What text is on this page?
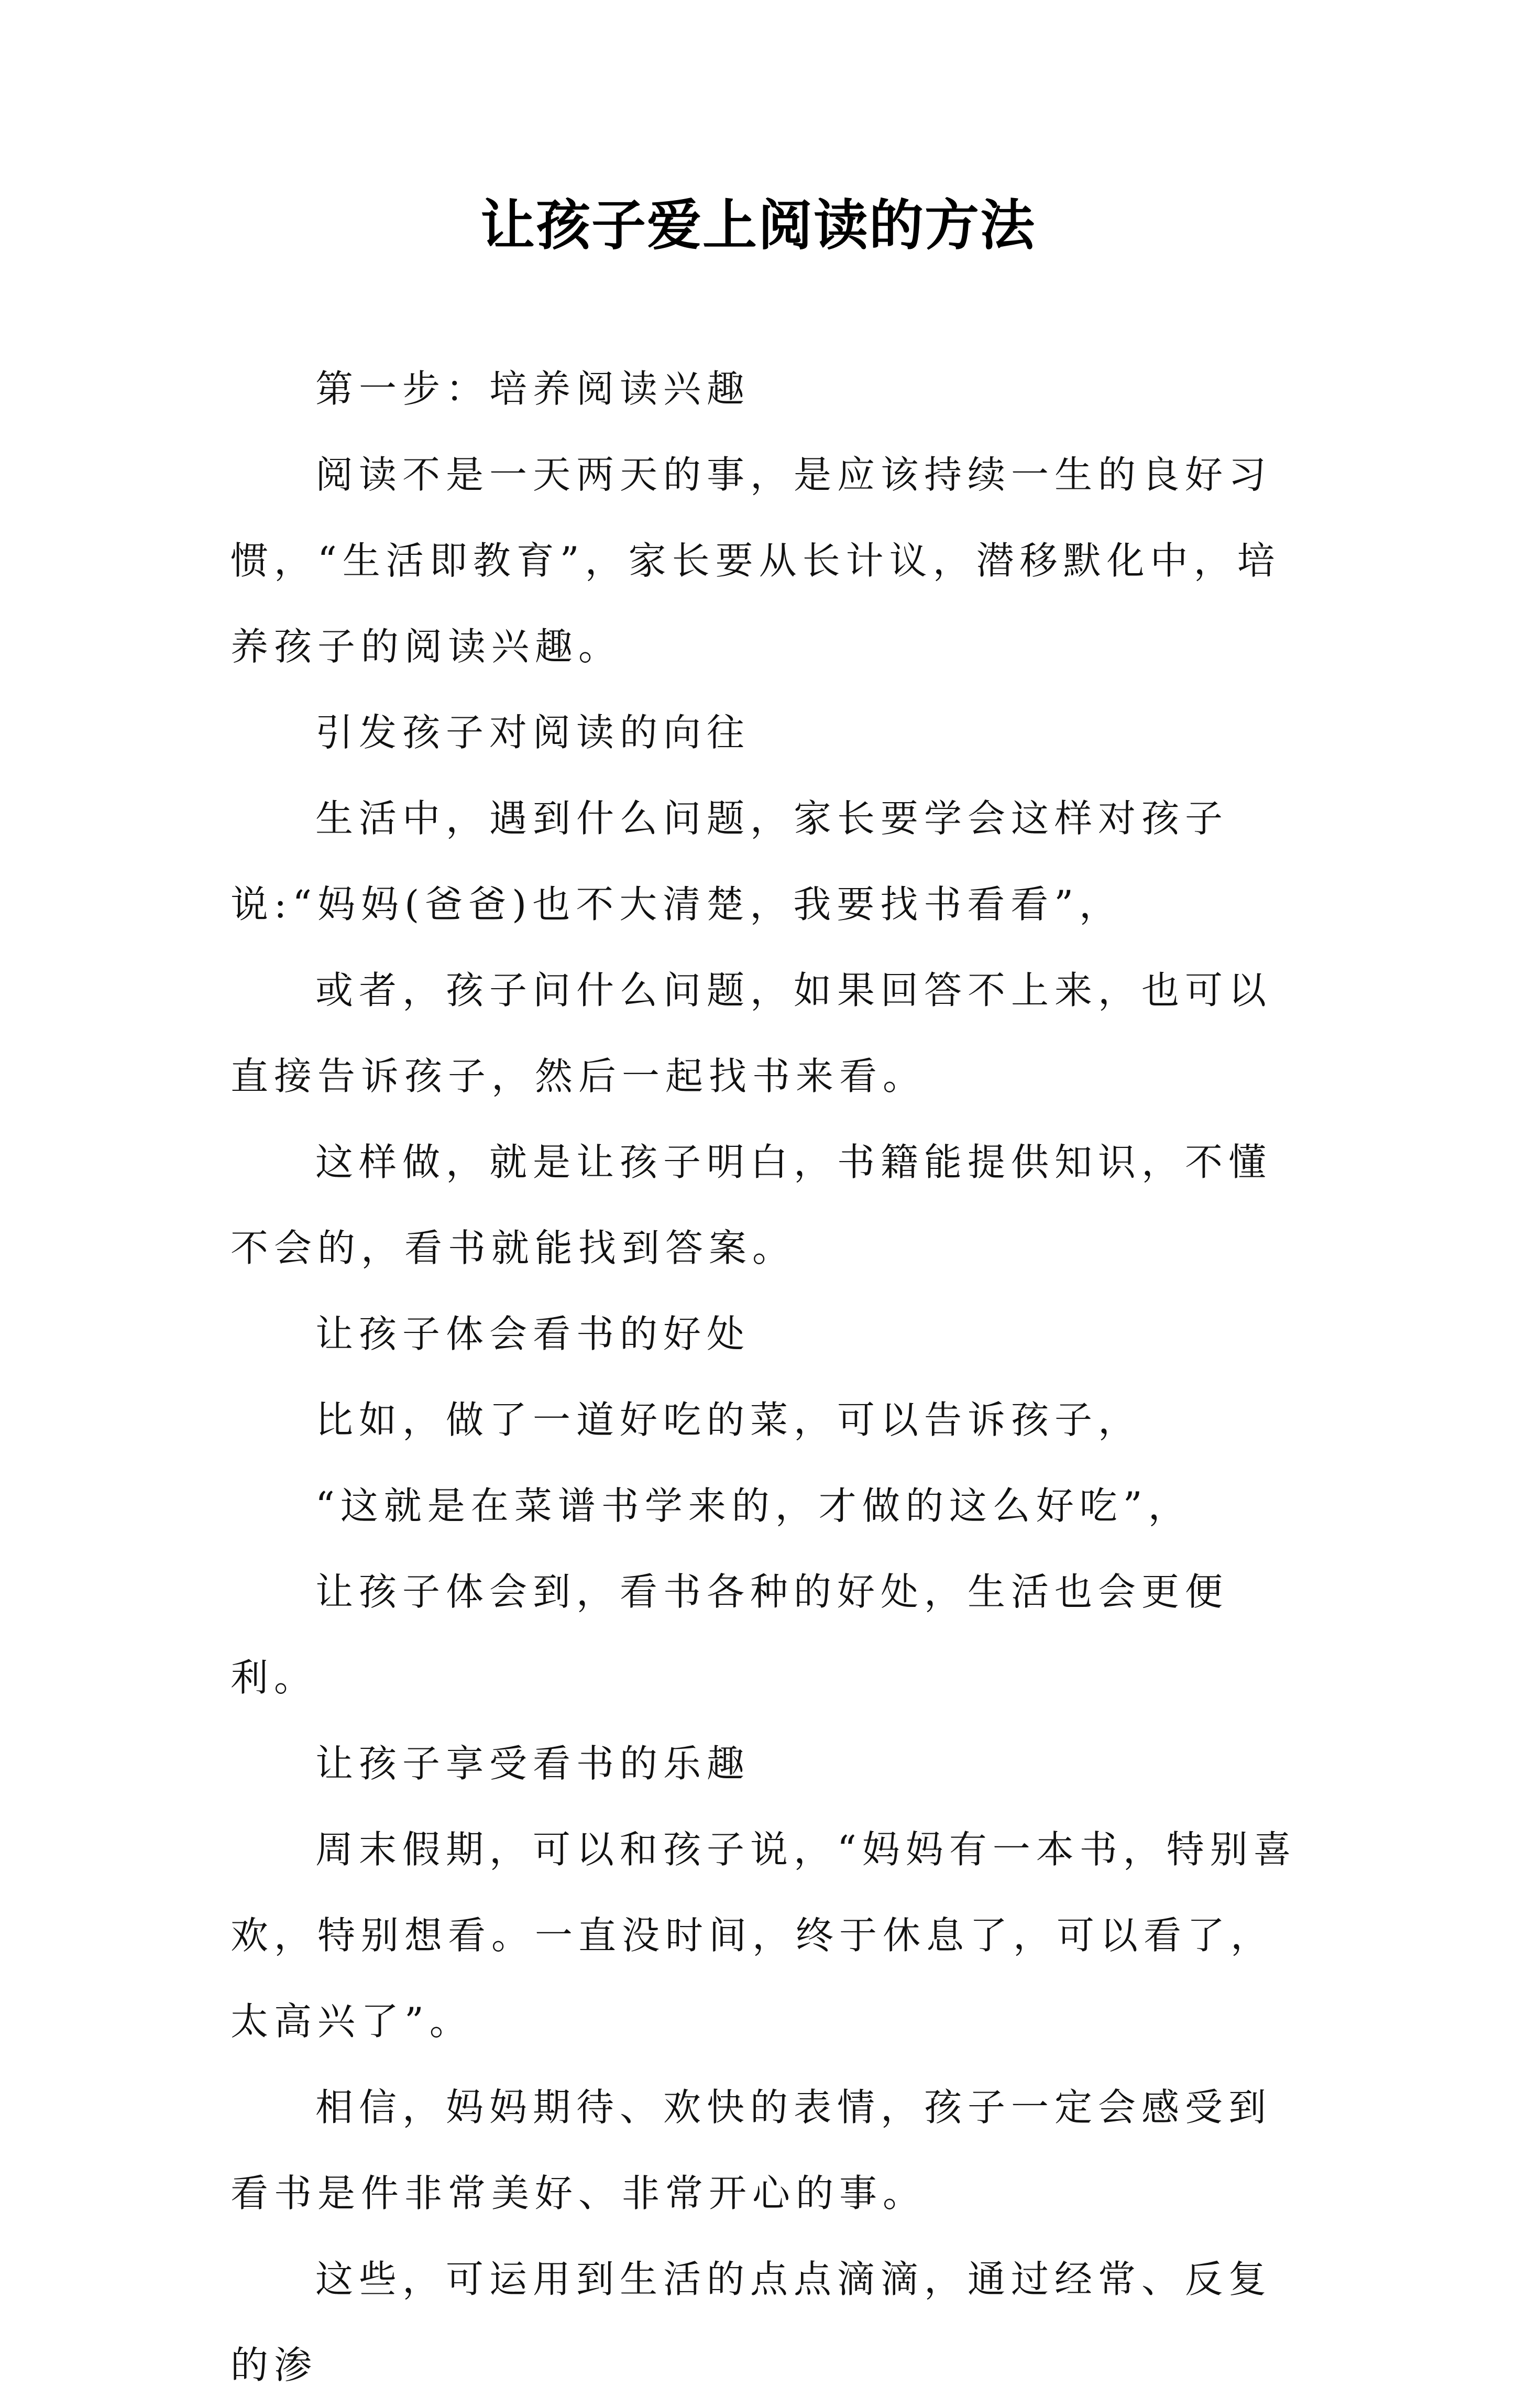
让孩子爱上阅读的方法

第一步：培养阅读兴趣

阅读不是一天两天的事，是应该持续一生的良好习惯，“生活即教育”，家长要从长计议，潜移默化中，培养孩子的阅读兴趣。

引发孩子对阅读的向往

生活中，遇到什么问题，家长要学会这样对孩子说:“妈妈(爸爸)也不大清楚，我要找书看看”，

或者，孩子问什么问题，如果回答不上来，也可以直接告诉孩子，然后一起找书来看。

这样做，就是让孩子明白，书籍能提供知识，不懂不会的，看书就能找到答案。

让孩子体会看书的好处

比如，做了一道好吃的菜，可以告诉孩子，

“这就是在菜谱书学来的，才做的这么好吃”，

让孩子体会到，看书各种的好处，生活也会更便利。

让孩子享受看书的乐趣

周末假期，可以和孩子说，“妈妈有一本书，特别喜欢，特别想看。一直没时间，终于休息了，可以看了，太高兴了”。

相信，妈妈期待、欢快的表情，孩子一定会感受到看书是件非常美好、非常开心的事。

这些，可运用到生活的点点滴滴，通过经常、反复的渗
